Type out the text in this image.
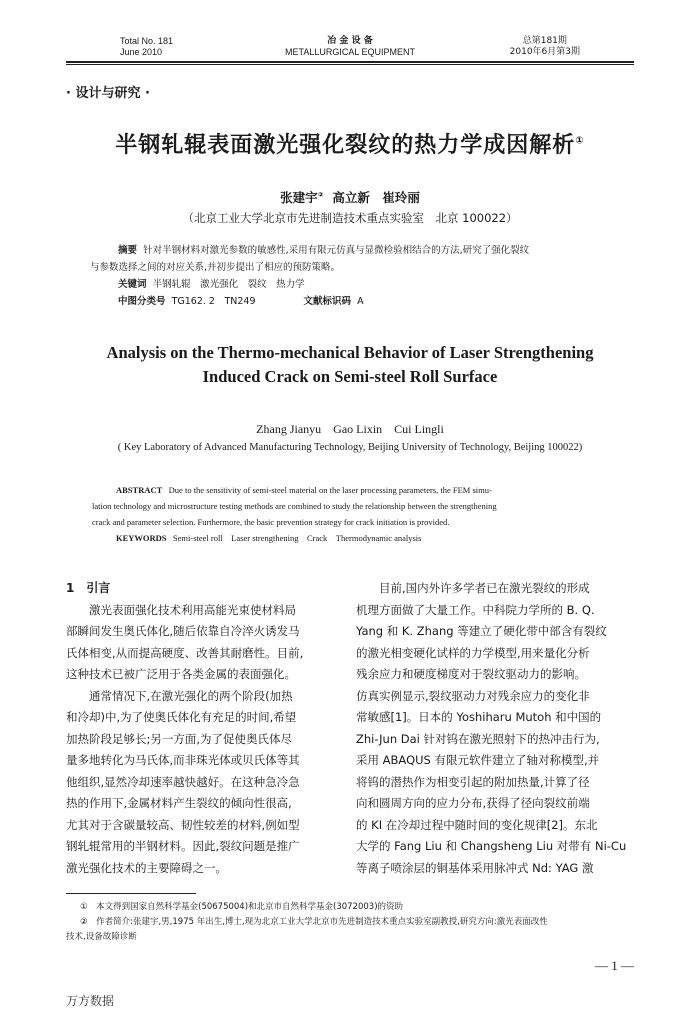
Total No. 181
June 2010
冶 金 设 备
METALLURGICAL EQUIPMENT
总第181期
2010年6月第3期
· 设计与研究 ·
半钢轧辊表面激光强化裂纹的热力学成因解析①
张建宇② 高立新　崔玲丽
（北京工业大学北京市先进制造技术重点实验室　北京 100022）
摘要 针对半钢材料对激光参数的敏感性,采用有限元仿真与显微检验相结合的方法,研究了强化裂纹
与参数选择之间的对应关系,并初步提出了相应的预防策略。
关键词 半钢轧辊　激光强化　裂纹　热力学
中图分类号 TG162. 2　TN249	文献标识码 A
Analysis on the Thermo-mechanical Behavior of Laser Strengthening
Induced Crack on Semi-steel Roll Surface
Zhang Jianyu　Gao Lixin　Cui Lingli
( Key Laboratory of Advanced Manufacturing Technology, Beijing University of Technology, Beijing 100022)
ABSTRACT Due to the sensitivity of semi-steel material on the laser processing parameters, the FEM simu-
lation technology and microstructure testing methods are combined to study the relationship between the strengthening
crack and parameter selection. Furthermore, the basic prevention strategy for crack initiation is provided.
KEYWORDS Semi-steel roll　Laser strengthening　Crack　Thermodynamic analysis
1　引言
　　激光表面强化技术利用高能光束使材料局
部瞬间发生奥氏体化,随后依靠自冷淬火诱发马
氏体相变,从而提高硬度、改善其耐磨性。目前,
这种技术已被广泛用于各类金属的表面强化。
　　通常情况下,在激光强化的两个阶段(加热
和冷却)中,为了使奥氏体化有充足的时间,希望
加热阶段足够长;另一方面,为了促使奥氏体尽
量多地转化为马氏体,而非珠光体或贝氏体等其
他组织,显然冷却速率越快越好。在这种急冷急
热的作用下,金属材料产生裂纹的倾向性很高,
尤其对于含碳量较高、韧性较差的材料,例如型
钢轧辊常用的半钢材料。因此,裂纹问题是推广
激光强化技术的主要障碍之一。
　　目前,国内外许多学者已在激光裂纹的形成
机理方面做了大量工作。中科院力学所的 B. Q.
Yang 和 K. Zhang 等建立了硬化带中部含有裂纹
的激光相变硬化试样的力学模型,用来量化分析
残余应力和硬度梯度对于裂纹驱动力的影响。
仿真实例显示,裂纹驱动力对残余应力的变化非
常敏感[1]。日本的 Yoshiharu Mutoh 和中国的
Zhi-Jun Dai 针对钨在激光照射下的热冲击行为,
采用 ABAQUS 有限元软件建立了轴对称模型,并
将钨的潜热作为相变引起的附加热量,计算了径
向和圆周方向的应力分布,获得了径向裂纹前端
的 KI 在冷却过程中随时间的变化规律[2]。东北
大学的 Fang Liu 和 Changsheng Liu 对带有 Ni-Cu
等离子喷涂层的铜基体采用脉冲式 Nd: YAG 激
①　本文得到国家自然科学基金(50675004)和北京市自然科学基金(3072003)的资助
②　作者简介:张建宇,男,1975 年出生,博士,现为北京工业大学北京市先进制造技术重点实验室副教授,研究方向:激光表面改性
技术,设备故障诊断
— 1 —
万方数据
